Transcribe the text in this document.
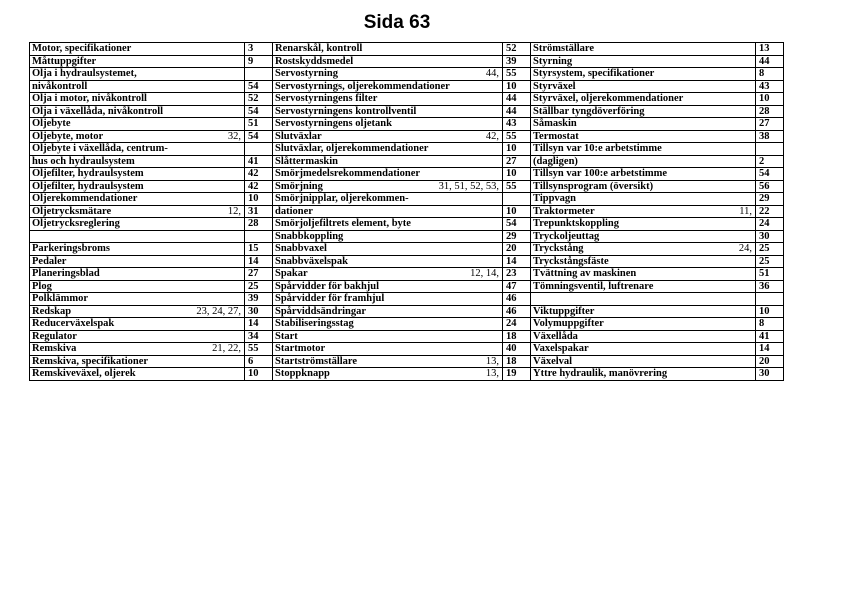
Sida 63
Motor, specifikationer	3	Renarskål, kontroll	52	Strömställare	13
Måttuppgifter	9	Rostskyddsmedel	39	Styrning	44
Olja i hydraulsystemet,		Servostyrning 44,	55	Styrsystem, specifikationer	8
nivåkontroll	54	Servostyrnings, oljerekommendationer	10	Styrväxel	43
Olja i motor, nivåkontroll	52	Servostyrningens filter	44	Styrväxel, oljerekommendationer	10
Olja i växellåda, nivåkontroll	54	Servostyrningens kontrollventil	44	Ställbar tyngdöverföring	28
Oljebyte	51	Servostyrningens oljetank	43	Såmaskin	27
Oljebyte, motor 32,	54	Slutväxlar 42,	55	Termostat	38
Oljebyte i växellåda, centrum-		Slutväxlar, oljerekommendationer	10	Tillsyn var 10:e arbetstimme	
hus och hydraulsystem	41	Slåttermaskin	27	(dagligen)	2
Oljefilter, hydraulsystem	42	Smörjmedelsrekommendationer	10	Tillsyn var 100:e arbetstimme	54
Oljefilter, hydraulsystem	42	Smörjning 31, 51, 52, 53,	55	Tillsynsprogram (översikt)	56
Oljerekommendationer	10	Smörjnipplar, oljerekommen-		Tippvagn	29
Oljetrycksmätare 12,	31	dationer	10	Traktormeter 11,	22
Oljetrycksreglering	28	Smörjoljefiltrets element, byte	54	Trepunktskoppling	24
		Snabbkoppling	29	Tryckoljeuttag	30
Parkeringsbroms	15	Snabbvaxel	20	Tryckstång 24,	25
Pedaler	14	Snabbväxelspak	14	Tryckstångsfäste	25
Planeringsblad	27	Spakar 12, 14,	23	Tvättning av maskinen	51
Plog	25	Spårvidder för bakhjul	47	Tömningsventil, luftrenare	36
Polklämmor	39	Spårvidder för framhjul	46		
Redskap 23, 24, 27,	30	Spårviddsändringar	46	Viktuppgifter	10
Reducerväxelspak	14	Stabiliseringsstag	24	Volymuppgifter	8
Regulator	34	Start	18	Växellåda	41
Remskiva 21, 22,	55	Startmotor	40	Vaxelspakar	14
Remskiva, specifikationer	6	Startströmställare 13,	18	Växelval	20
Remskiveväxel, oljerek	10	Stoppknapp 13,	19	Yttre hydraulik, manövrering	30
